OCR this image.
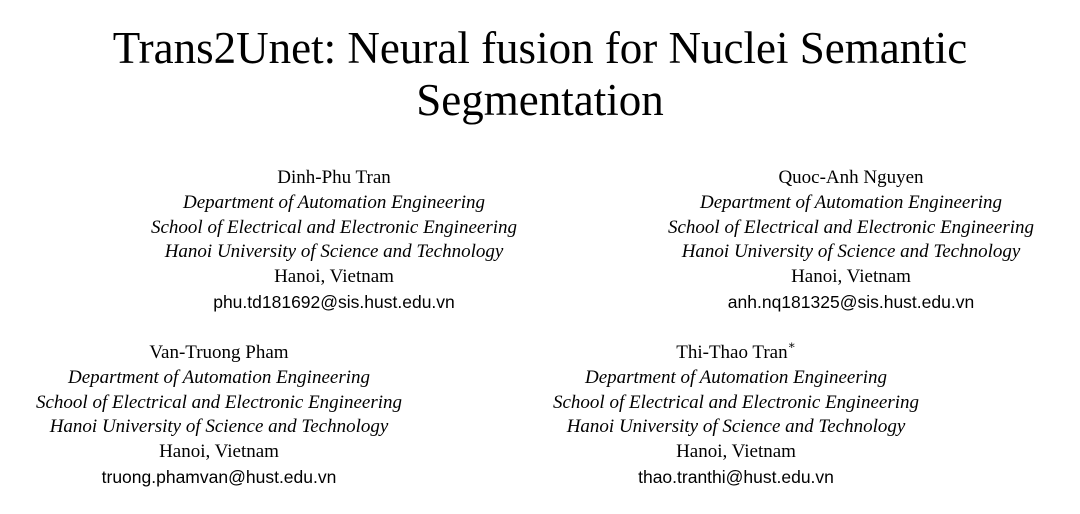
Trans2Unet: Neural fusion for Nuclei Semantic
Segmentation
Dinh-Phu Tran
Department of Automation Engineering
School of Electrical and Electronic Engineering
Hanoi University of Science and Technology
Hanoi, Vietnam
phu.td181692@sis.hust.edu.vn
Quoc-Anh Nguyen
Department of Automation Engineering
School of Electrical and Electronic Engineering
Hanoi University of Science and Technology
Hanoi, Vietnam
anh.nq181325@sis.hust.edu.vn
Van-Truong Pham
Department of Automation Engineering
School of Electrical and Electronic Engineering
Hanoi University of Science and Technology
Hanoi, Vietnam
truong.phamvan@hust.edu.vn
Thi-Thao Tran∗
Department of Automation Engineering
School of Electrical and Electronic Engineering
Hanoi University of Science and Technology
Hanoi, Vietnam
thao.tranthi@hust.edu.vn
